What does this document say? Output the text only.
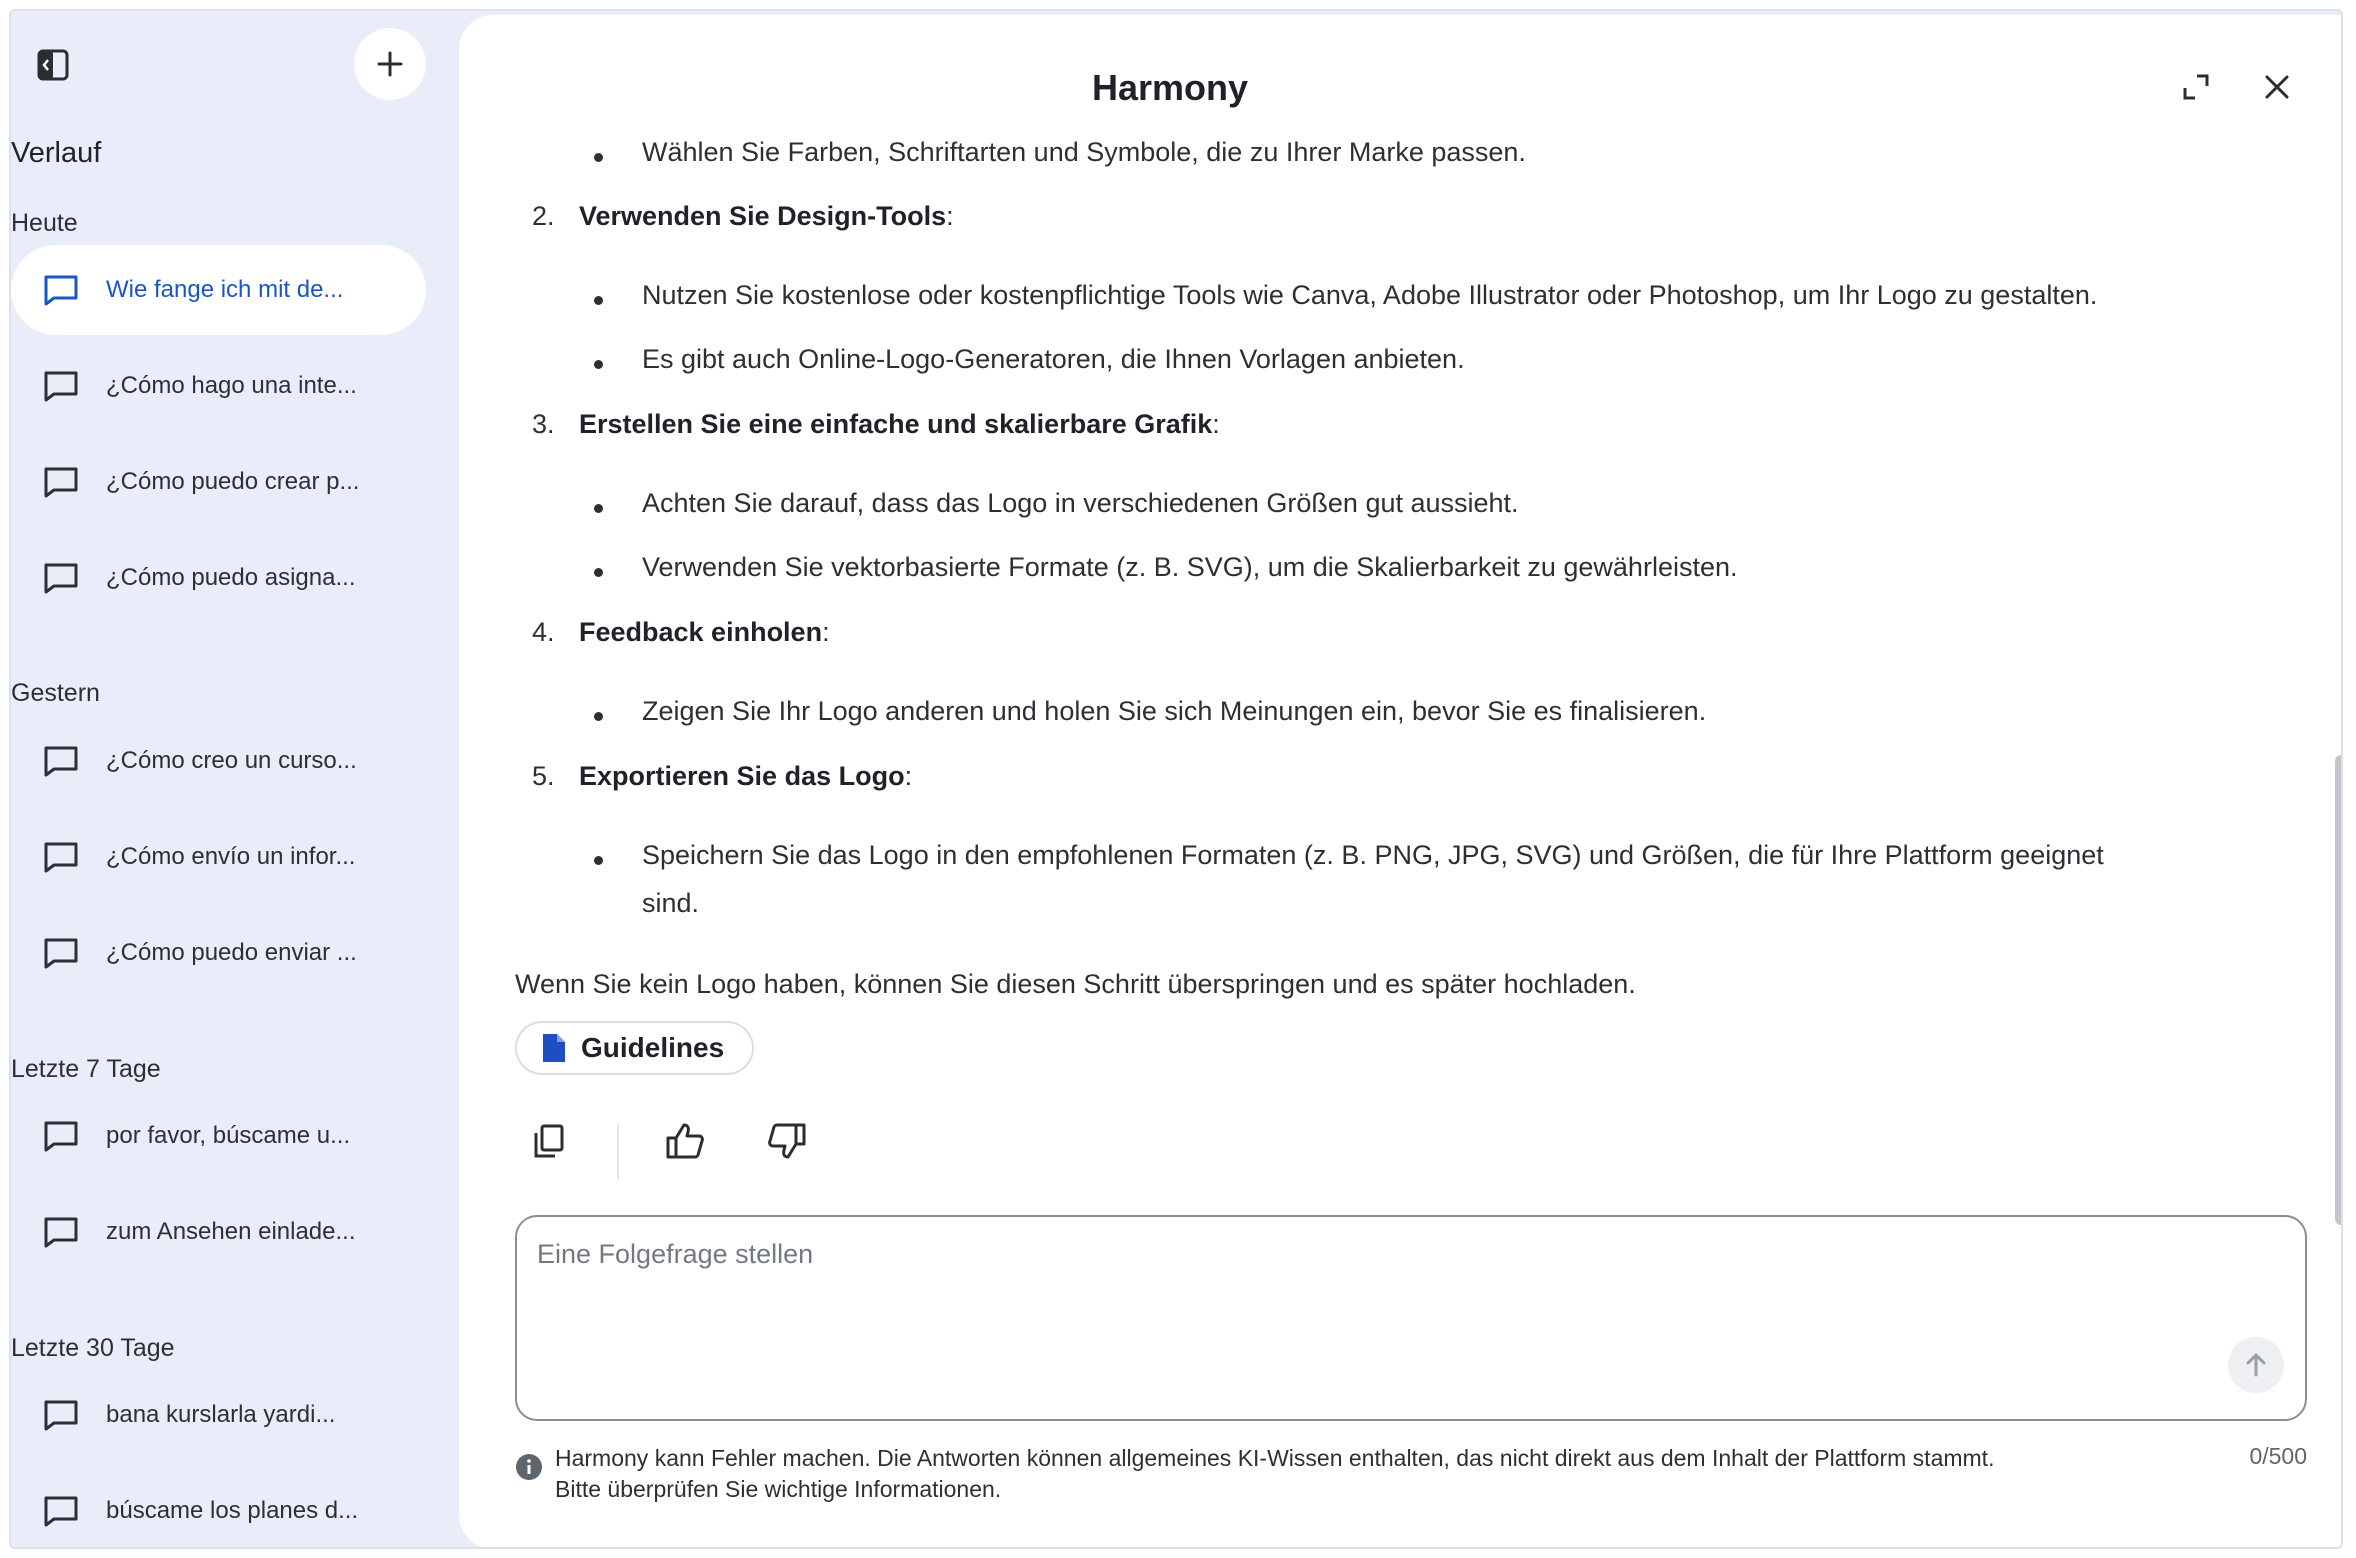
Verlauf
Heute
Wie fange ich mit de...
¿Cómo hago una inte...
¿Cómo puedo crear p...
¿Cómo puedo asigna...
Gestern
¿Cómo creo un curso...
¿Cómo envío un infor...
¿Cómo puedo enviar ...
Letzte 7 Tage
por favor, búscame u...
zum Ansehen einlade...
Letzte 30 Tage
bana kurslarla yardi...
búscame los planes d...
Harmony
Wählen Sie Farben, Schriftarten und Symbole, die zu Ihrer Marke passen.
2. Verwenden Sie Design-Tools:
Nutzen Sie kostenlose oder kostenpflichtige Tools wie Canva, Adobe Illustrator oder Photoshop, um Ihr Logo zu gestalten.
Es gibt auch Online-Logo-Generatoren, die Ihnen Vorlagen anbieten.
3. Erstellen Sie eine einfache und skalierbare Grafik:
Achten Sie darauf, dass das Logo in verschiedenen Größen gut aussieht.
Verwenden Sie vektorbasierte Formate (z. B. SVG), um die Skalierbarkeit zu gewährleisten.
4. Feedback einholen:
Zeigen Sie Ihr Logo anderen und holen Sie sich Meinungen ein, bevor Sie es finalisieren.
5. Exportieren Sie das Logo:
Speichern Sie das Logo in den empfohlenen Formaten (z. B. PNG, JPG, SVG) und Größen, die für Ihre Plattform geeignet
sind.
Wenn Sie kein Logo haben, können Sie diesen Schritt überspringen und es später hochladen.
Guidelines
Eine Folgefrage stellen
Harmony kann Fehler machen. Die Antworten können allgemeines KI-Wissen enthalten, das nicht direkt aus dem Inhalt der Plattform stammt.
Bitte überprüfen Sie wichtige Informationen.
0/500
